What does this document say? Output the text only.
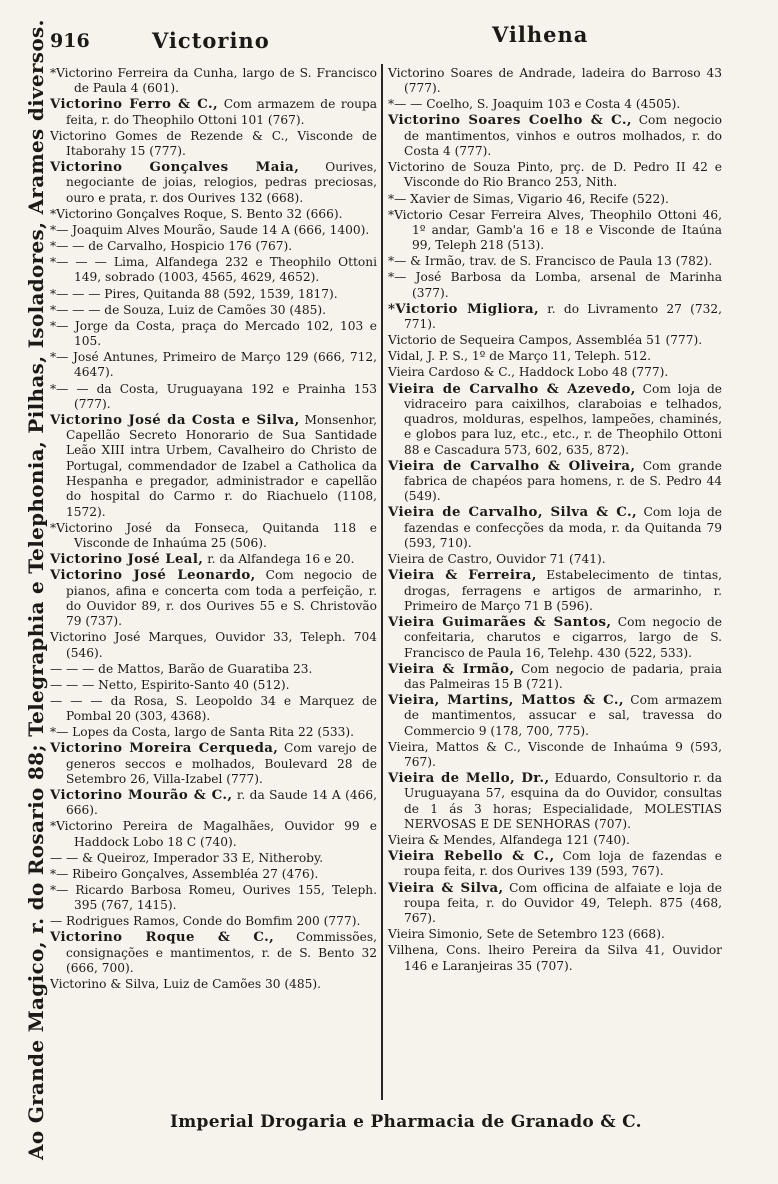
916	Victorino	Vilhena
Ao Grande Magico, r. do Rosario 88; Telegraphia e Telephonia, Pilhas, Isoladores, Arames diversos. *Victorino Ferreira da Cunha, largo de S. Francisco de Paula 4 (601).
Victorino Ferro & C., Com armazem de roupa feita, r. do Theophilo Ottoni 101 (767).
Victorino Gomes de Rezende & C., Visconde de Itaborahy 15 (777).
Victorino Gonçalves Maia, Ourives, negociante de joias, relogios, pedras preciosas, ouro e prata, r. dos Ourives 132 (668).
*Victorino Gonçalves Roque, S. Bento 32 (666).
*— Joaquim Alves Mourão, Saude 14 A (666, 1400).
*— — de Carvalho, Hospicio 176 (767).
*— — — Lima, Alfandega 232 e Theophilo Ottoni 149, sobrado (1003, 4565, 4629, 4652).
*— — — Pires, Quitanda 88 (592, 1539, 1817).
*— — — de Souza, Luiz de Camões 30 (485).
*— Jorge da Costa, praça do Mercado 102, 103 e 105.
*— José Antunes, Primeiro de Março 129 (666, 712, 4647).
*— — da Costa, Uruguayana 192 e Prainha 153 (777).
Victorino José da Costa e Silva, Monsenhor, Capellão Secreto Honorario de Sua Santidade Leão XIII intra Urbem, Cavalheiro do Christo de Portugal, commendador de Izabel a Catholica da Hespanha e pregador, administrador e capellão do hospital do Carmo r. do Riachuelo (1108, 1572).
*Victorino José da Fonseca, Quitanda 118 e Visconde de Inhaúma 25 (506).
Victorino José Leal, r. da Alfandega 16 e 20.
Victorino José Leonardo, Com negocio de pianos, afina e concerta com toda a perfeição, r. do Ouvidor 89, r. dos Ourives 55 e S. Christovão 79 (737).
Victorino José Marques, Ouvidor 33, Teleph. 704 (546).
— — — de Mattos, Barão de Guaratiba 23.
— — — Netto, Espirito-Santo 40 (512).
— — — da Rosa, S. Leopoldo 34 e Marquez de Pombal 20 (303, 4368).
*— Lopes da Costa, largo de Santa Rita 22 (533).
Victorino Moreira Cerqueda, Com varejo de generos seccos e molhados, Boulevard 28 de Setembro 26, Villa-Izabel (777).
Victorino Mourão & C., r. da Saude 14 A (466, 666).
*Victorino Pereira de Magalhães, Ouvidor 99 e Haddock Lobo 18 C (740).
— — & Queiroz, Imperador 33 E, Nitheroby.
*— Ribeiro Gonçalves, Assembléa 27 (476).
*— Ricardo Barbosa Romeu, Ourives 155, Teleph. 395 (767, 1415).
— Rodrigues Ramos, Conde do Bomfim 200 (777).
Victorino Roque & C., Commissões, consignações e mantimentos, r. de S. Bento 32 (666, 700).
Victorino & Silva, Luiz de Camões 30 (485).
Victorino Soares de Andrade, ladeira do Barroso 43 (777).
*— — Coelho, S. Joaquim 103 e Costa 4 (4505).
Victorino Soares Coelho & C., Com negocio de mantimentos, vinhos e outros molhados, r. do Costa 4 (777).
Victorino de Souza Pinto, prç. de D. Pedro II 42 e Visconde do Rio Branco 253, Nith.
*— Xavier de Simas, Vigario 46, Recife (522).
*Victorio Cesar Ferreira Alves, Theophilo Ottoni 46, 1º andar, Gamb'a 16 e 18 e Visconde de Itaúna 99, Teleph 218 (513).
*— & Irmão, trav. de S. Francisco de Paula 13 (782).
*— José Barbosa da Lomba, arsenal de Marinha (377).
*Victorio Migliora, r. do Livramento 27 (732, 771).
Victorio de Sequeira Campos, Assembléa 51 (777).
Vidal, J. P. S., 1º de Março 11, Teleph. 512.
Vieira Cardoso & C., Haddock Lobo 48 (777).
Vieira de Carvalho & Azevedo, Com loja de vidraceiro para caixilhos, claraboias e telhados, quadros, molduras, espelhos, lampeões, chaminés, e globos para luz, etc., etc., r. de Theophilo Ottoni 88 e Cascadura 573, 602, 635, 872).
Vieira de Carvalho & Oliveira, Com grande fabrica de chapéos para homens, r. de S. Pedro 44 (549).
Vieira de Carvalho, Silva & C., Com loja de fazendas e confecções da moda, r. da Quitanda 79 (593, 710).
Vieira de Castro, Ouvidor 71 (741).
Vieira & Ferreira, Estabelecimento de tintas, drogas, ferragens e artigos de armarinho, r. Primeiro de Março 71 B (596).
Vieira Guimarães & Santos, Com negocio de confeitaria, charutos e cigarros, largo de S. Francisco de Paula 16, Telehp. 430 (522, 533).
Vieira & Irmão, Com negocio de padaria, praia das Palmeiras 15 B (721).
Vieira, Martins, Mattos & C., Com armazem de mantimentos, assucar e sal, travessa do Commercio 9 (178, 700, 775).
Vieira, Mattos & C., Visconde de Inhaúma 9 (593, 767).
Vieira de Mello, Dr., Eduardo, Consultorio r. da Uruguayana 57, esquina da do Ouvidor, consultas de 1 ás 3 horas; Especialidade, MOLESTIAS NERVOSAS E DE SENHORAS (707).
Vieira & Mendes, Alfandega 121 (740).
Vieira Rebello & C., Com loja de fazendas e roupa feita, r. dos Ourives 139 (593, 767).
Vieira & Silva, Com officina de alfaiate e loja de roupa feita, r. do Ouvidor 49, Teleph. 875 (468, 767).
Vieira Simonio, Sete de Setembro 123 (668).
Vilhena, Cons. lheiro Pereira da Silva 41, Ouvidor 146 e Laranjeiras 35 (707).
Imperial Drogaria e Pharmacia de Granado & C.
